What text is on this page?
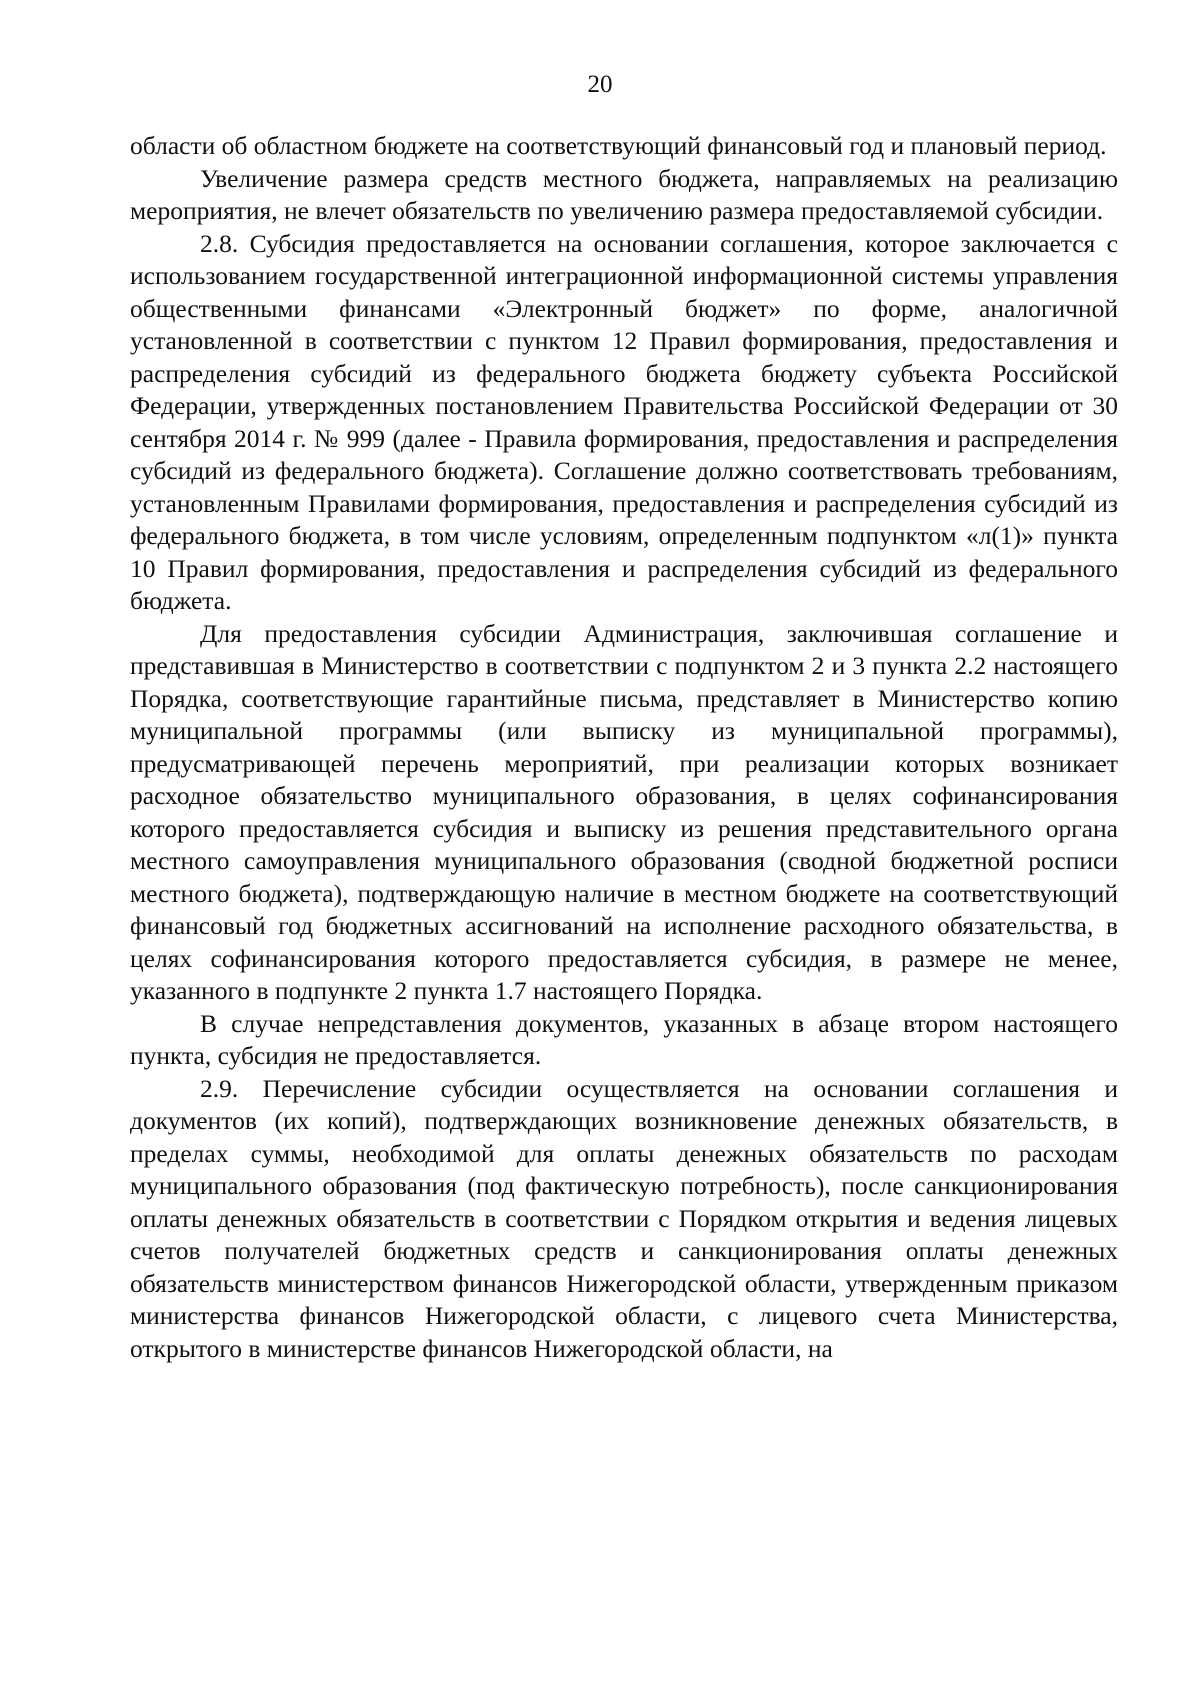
20

области об областном бюджете на соответствующий финансовый год и плановый период.

Увеличение размера средств местного бюджета, направляемых на реализацию мероприятия, не влечет обязательств по увеличению размера предоставляемой субсидии.

2.8. Субсидия предоставляется на основании соглашения, которое заключается с использованием государственной интеграционной информационной системы управления общественными финансами «Электронный бюджет» по форме, аналогичной установленной в соответствии с пунктом 12 Правил формирования, предоставления и распределения субсидий из федерального бюджета бюджету субъекта Российской Федерации, утвержденных постановлением Правительства Российской Федерации от 30 сентября 2014 г. № 999 (далее - Правила формирования, предоставления и распределения субсидий из федерального бюджета). Соглашение должно соответствовать требованиям, установленным Правилами формирования, предоставления и распределения субсидий из федерального бюджета, в том числе условиям, определенным подпунктом «л(1)» пункта 10 Правил формирования, предоставления и распределения субсидий из федерального бюджета.

Для предоставления субсидии Администрация, заключившая соглашение и представившая в Министерство в соответствии с подпунктом 2 и 3 пункта 2.2 настоящего Порядка, соответствующие гарантийные письма, представляет в Министерство копию муниципальной программы (или выписку из муниципальной программы), предусматривающей перечень мероприятий, при реализации которых возникает расходное обязательство муниципального образования, в целях софинансирования которого предоставляется субсидия и выписку из решения представительного органа местного самоуправления муниципального образования (сводной бюджетной росписи местного бюджета), подтверждающую наличие в местном бюджете на соответствующий финансовый год бюджетных ассигнований на исполнение расходного обязательства, в целях софинансирования которого предоставляется субсидия, в размере не менее, указанного в подпункте 2 пункта 1.7 настоящего Порядка.

В случае непредставления документов, указанных в абзаце втором настоящего пункта, субсидия не предоставляется.

2.9. Перечисление субсидии осуществляется на основании соглашения и документов (их копий), подтверждающих возникновение денежных обязательств, в пределах суммы, необходимой для оплаты денежных обязательств по расходам муниципального образования (под фактическую потребность), после санкционирования оплаты денежных обязательств в соответствии с Порядком открытия и ведения лицевых счетов получателей бюджетных средств и санкционирования оплаты денежных обязательств министерством финансов Нижегородской области, утвержденным приказом министерства финансов Нижегородской области, с лицевого счета Министерства, открытого в министерстве финансов Нижегородской области, на
